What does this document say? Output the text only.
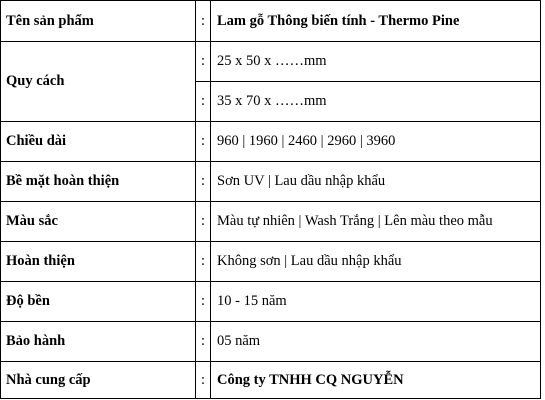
Tên sản phẩm	:	Lam gỗ Thông biến tính - Thermo Pine
Quy cách	:	25 x 50 x ……mm
	:	35 x 70 x ……mm
Chiều dài	:	960 | 1960 | 2460 | 2960 | 3960
Bề mặt hoàn thiện	:	Sơn UV | Lau dầu nhập khẩu
Màu sắc	:	Màu tự nhiên | Wash Trắng | Lên màu theo mẫu
Hoàn thiện	:	Không sơn | Lau dầu nhập khẩu
Độ bền	:	10 - 15 năm
Bảo hành	:	05 năm
Nhà cung cấp	:	Công ty TNHH CQ NGUYỄN
